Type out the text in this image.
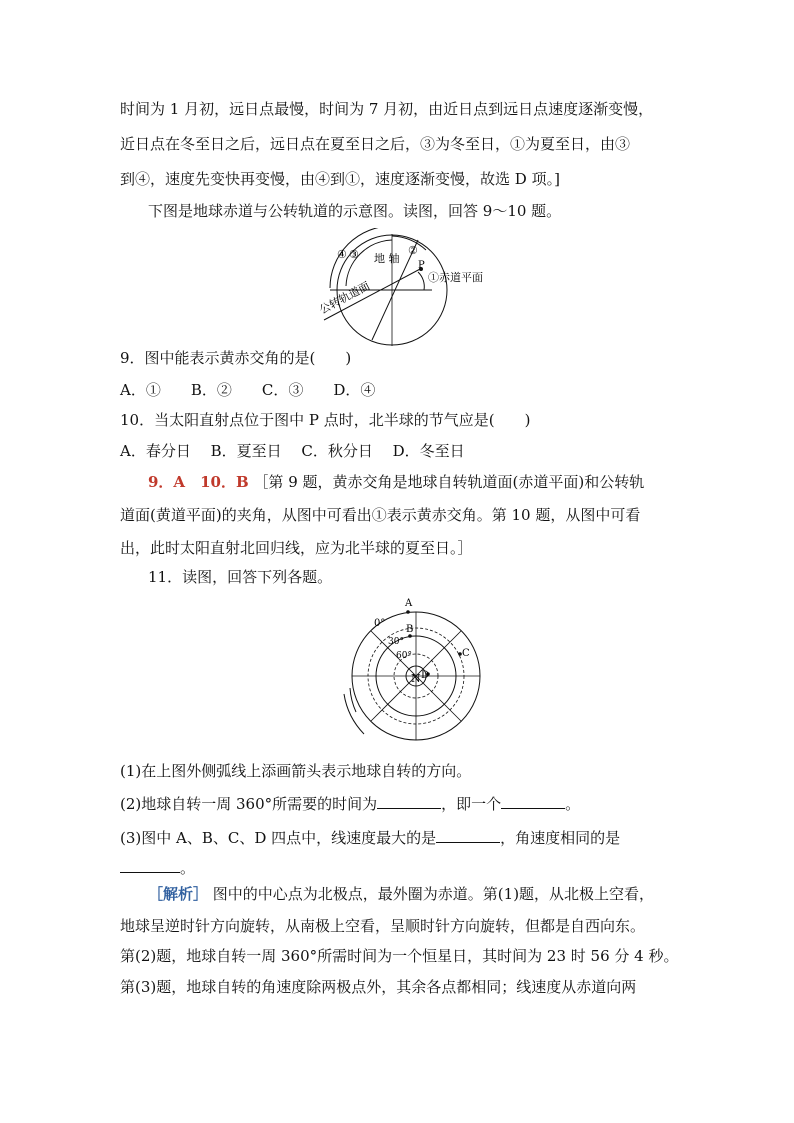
时间为 1 月初，远日点最慢，时间为 7 月初，由近日点到远日点速度逐渐变慢，
近日点在冬至日之后，远日点在夏至日之后，③为冬至日，①为夏至日，由③
到④，速度先变快再变慢，由④到①，速度逐渐变慢，故选 D 项。]
下图是地球赤道与公转轨道的示意图。读图，回答 9～10 题。
④ ③	②
地 轴
P
①赤道平面
公转轨道面
9．图中能表示黄赤交角的是(　　)
A．①　　B．②　　C．③　　D．④
10．当太阳直射点位于图中 P 点时，北半球的节气应是(　　)
A．春分日　 B．夏至日　 C．秋分日　 D．冬至日
9．A　10．B ［第 9 题，黄赤交角是地球自转轨道面(赤道平面)和公转轨
道面(黄道平面)的夹角，从图中可看出①表示黄赤交角。第 10 题，从图中可看
出，此时太阳直射北回归线，应为北半球的夏至日。］
11．读图，回答下列各题。
A
B
C
D
N
0°
30°
60°
(1)在上图外侧弧线上添画箭头表示地球自转的方向。
(2)地球自转一周 360°所需要的时间为	，即一个	。
(3)图中 A、B、C、D 四点中，线速度最大的是	，角速度相同的是
。
［解析］ 图中的中心点为北极点，最外圈为赤道。第(1)题，从北极上空看，
地球呈逆时针方向旋转，从南极上空看，呈顺时针方向旋转，但都是自西向东。
第(2)题，地球自转一周 360°所需时间为一个恒星日，其时间为 23 时 56 分 4 秒。
第(3)题，地球自转的角速度除两极点外，其余各点都相同；线速度从赤道向两
